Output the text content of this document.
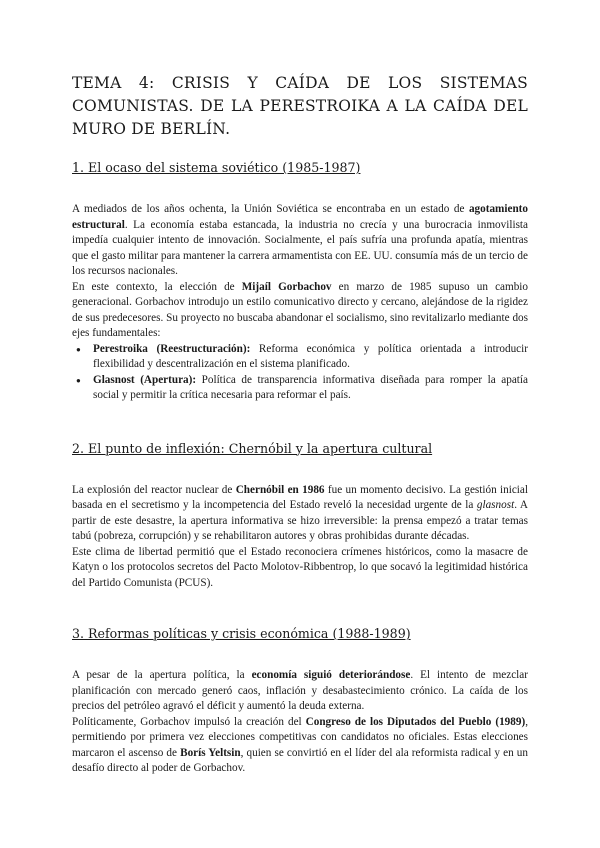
TEMA 4: CRISIS Y CAÍDA DE LOS SISTEMAS COMUNISTAS. DE LA PERESTROIKA A LA CAÍDA DEL MURO DE BERLÍN.
1. El ocaso del sistema soviético (1985-1987)

A mediados de los años ochenta, la Unión Soviética se encontraba en un estado de agotamiento estructural. La economía estaba estancada, la industria no crecía y una burocracia inmovilista impedía cualquier intento de innovación. Socialmente, el país sufría una profunda apatía, mientras que el gasto militar para mantener la carrera armamentista con EE. UU. consumía más de un tercio de los recursos nacionales.

En este contexto, la elección de Mijaíl Gorbachov en marzo de 1985 supuso un cambio generacional. Gorbachov introdujo un estilo comunicativo directo y cercano, alejándose de la rigidez de sus predecesores. Su proyecto no buscaba abandonar el socialismo, sino revitalizarlo mediante dos ejes fundamentales:

● Perestroika (Reestructuración): Reforma económica y política orientada a introducir flexibilidad y descentralización en el sistema planificado.
● Glasnost (Apertura): Política de transparencia informativa diseñada para romper la apatía social y permitir la crítica necesaria para reformar el país.
2. El punto de inflexión: Chernóbil y la apertura cultural

La explosión del reactor nuclear de Chernóbil en 1986 fue un momento decisivo. La gestión inicial basada en el secretismo y la incompetencia del Estado reveló la necesidad urgente de la glasnost. A partir de este desastre, la apertura informativa se hizo irreversible: la prensa empezó a tratar temas tabú (pobreza, corrupción) y se rehabilitaron autores y obras prohibidas durante décadas.

Este clima de libertad permitió que el Estado reconociera crímenes históricos, como la masacre de Katyn o los protocolos secretos del Pacto Molotov-Ribbentrop, lo que socavó la legitimidad histórica del Partido Comunista (PCUS).

3. Reformas políticas y crisis económica (1988-1989)

A pesar de la apertura política, la economía siguió deteriorándose. El intento de mezclar planificación con mercado generó caos, inflación y desabastecimiento crónico. La caída de los precios del petróleo agravó el déficit y aumentó la deuda externa.

Políticamente, Gorbachov impulsó la creación del Congreso de los Diputados del Pueblo (1989), permitiendo por primera vez elecciones competitivas con candidatos no oficiales. Estas elecciones marcaron el ascenso de Borís Yeltsin, quien se convirtió en el líder del ala reformista radical y en un desafío directo al poder de Gorbachov.
